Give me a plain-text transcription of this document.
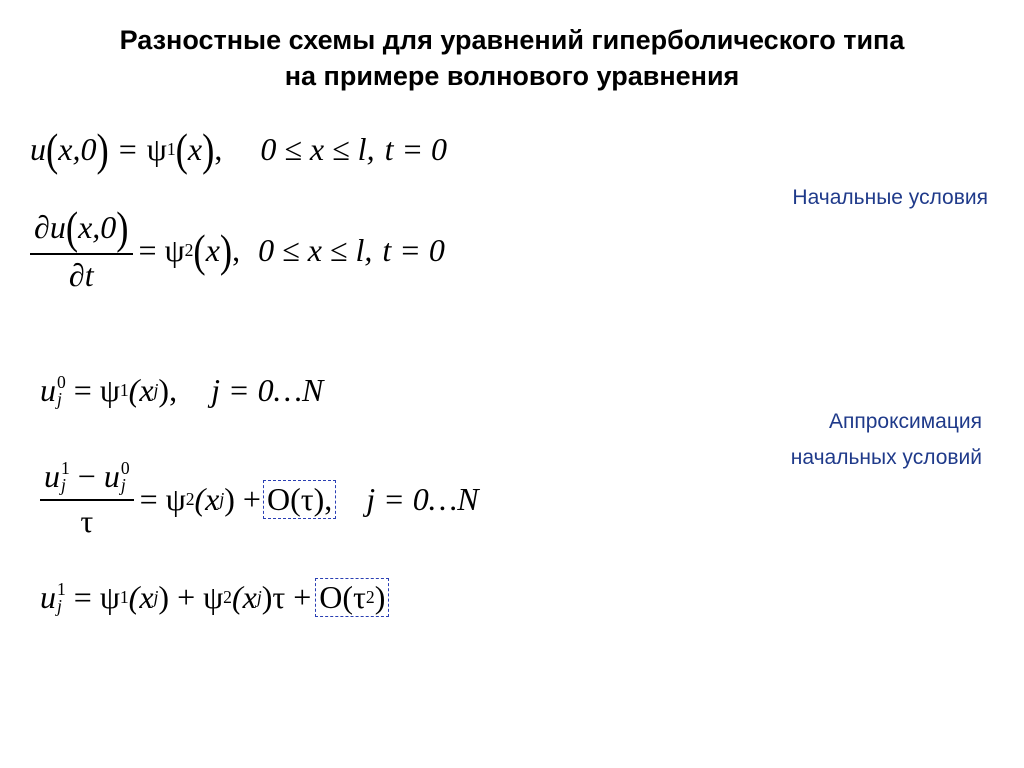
Разностные схемы для уравнений гиперболического типа
на примере волнового уравнения
u ( x,0 ) = ψ 1 ( x ) , 0 ≤ x ≤ l, t = 0
Начальные условия
$\frac{\partial u ( x,0 )}{\partial t} = \psi$ 2 ( x ) , 0 ≤ x ≤ l, t = 0
u 0
j = ψ 1 (x j ), j = 0…N
Аппроксимация
начальных условий
u 1
j − u 0
j
τ
= ψ 2 (x j ) + O(τ), j = 0…N
u 1
j = ψ 1 (x j ) + ψ 2 (x j )τ + O(τ 2 )
